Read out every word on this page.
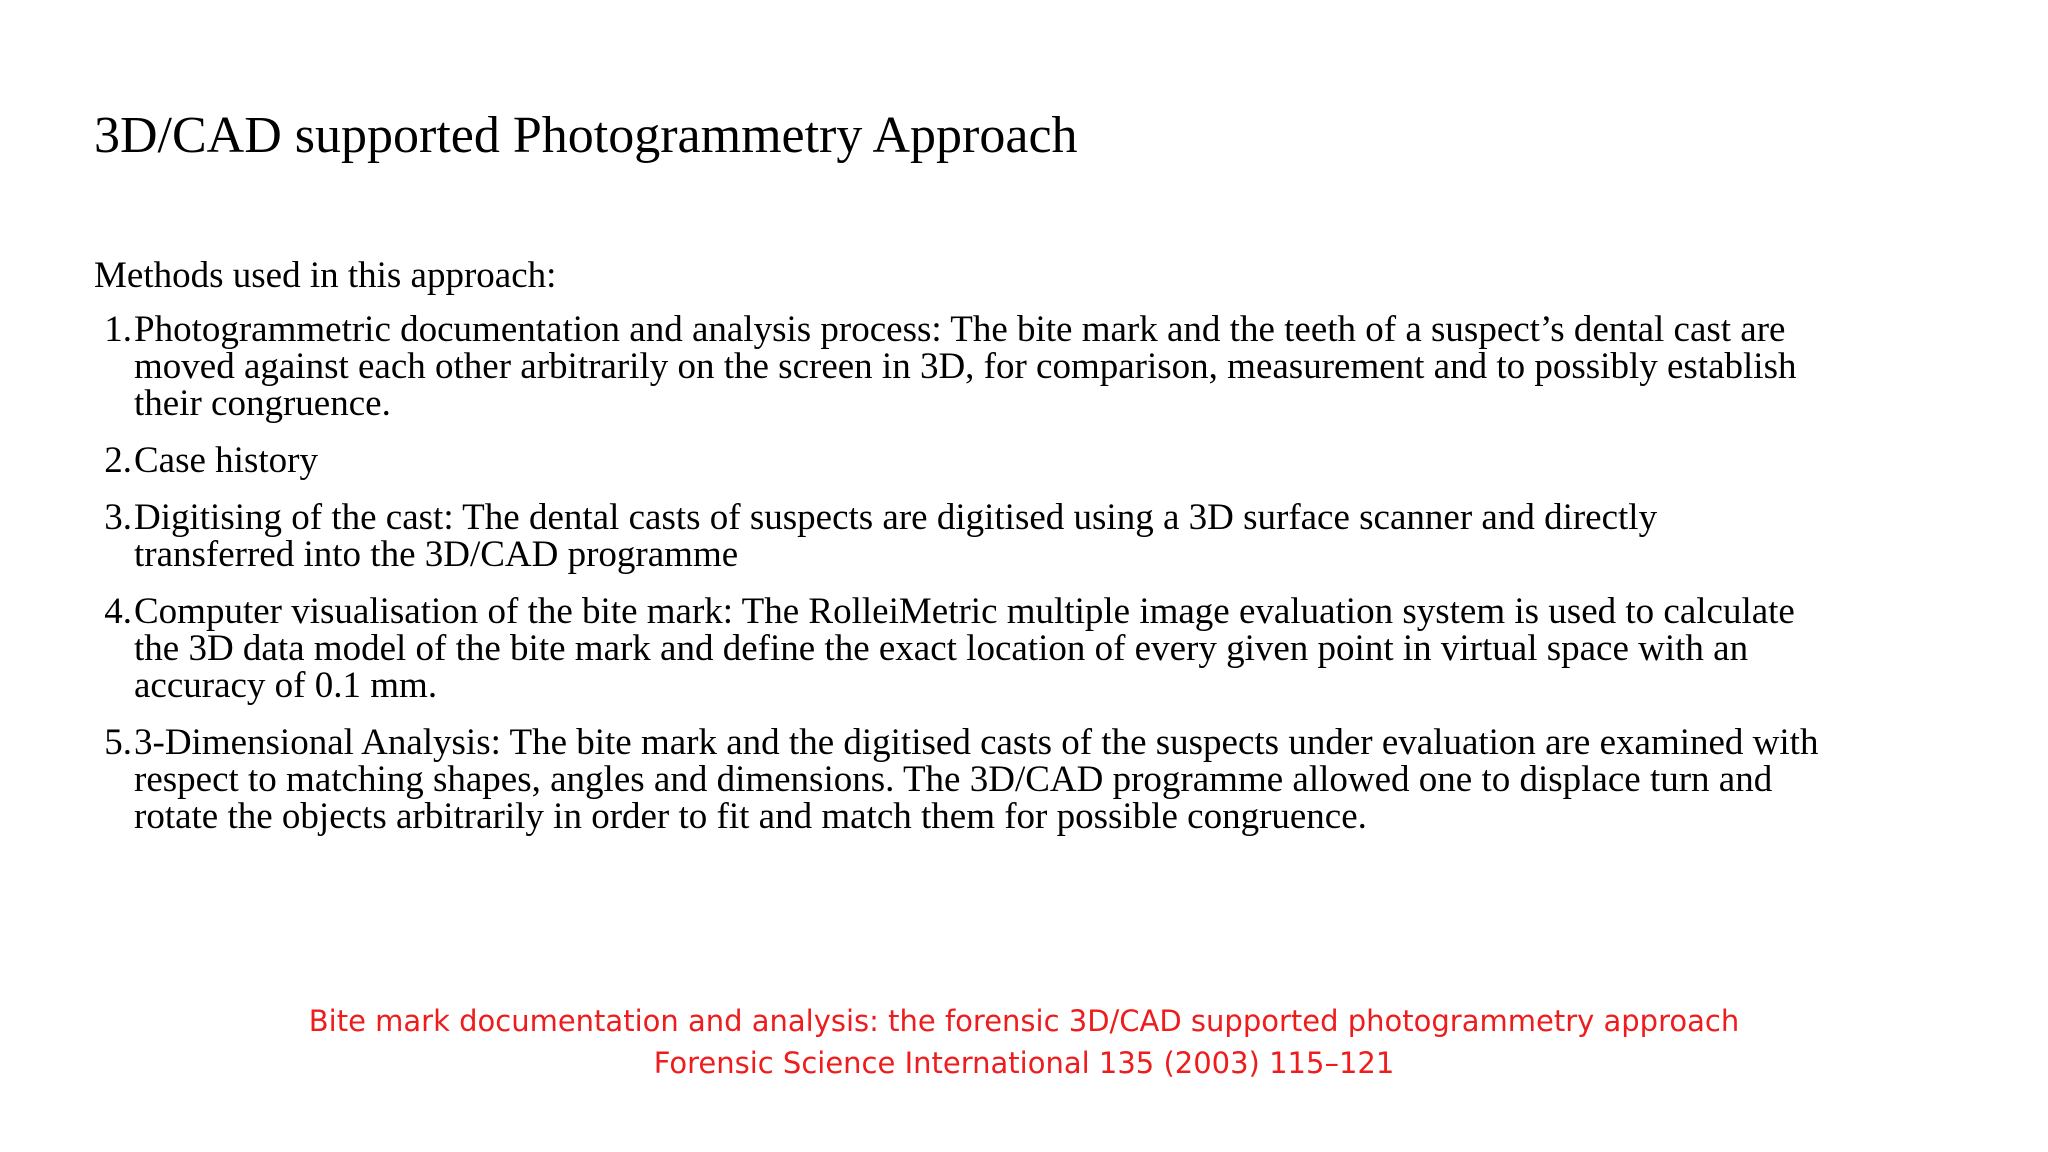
3D/CAD supported Photogrammetry Approach

Methods used in this approach:

1. Photogrammetric documentation and analysis process: The bite mark and the teeth of a suspect’s dental cast are
moved against each other arbitrarily on the screen in 3D, for comparison, measurement and to possibly establish
their congruence.
2. Case history
3. Digitising of the cast: The dental casts of suspects are digitised using a 3D surface scanner and directly
transferred into the 3D/CAD programme
4. Computer visualisation of the bite mark: The RolleiMetric multiple image evaluation system is used to calculate
the 3D data model of the bite mark and define the exact location of every given point in virtual space with an
accuracy of 0.1 mm.
5. 3-Dimensional Analysis: The bite mark and the digitised casts of the suspects under evaluation are examined with
respect to matching shapes, angles and dimensions. The 3D/CAD programme allowed one to displace turn and
rotate the objects arbitrarily in order to fit and match them for possible congruence.
Bite mark documentation and analysis: the forensic 3D/CAD supported photogrammetry approach
Forensic Science International 135 (2003) 115–121
